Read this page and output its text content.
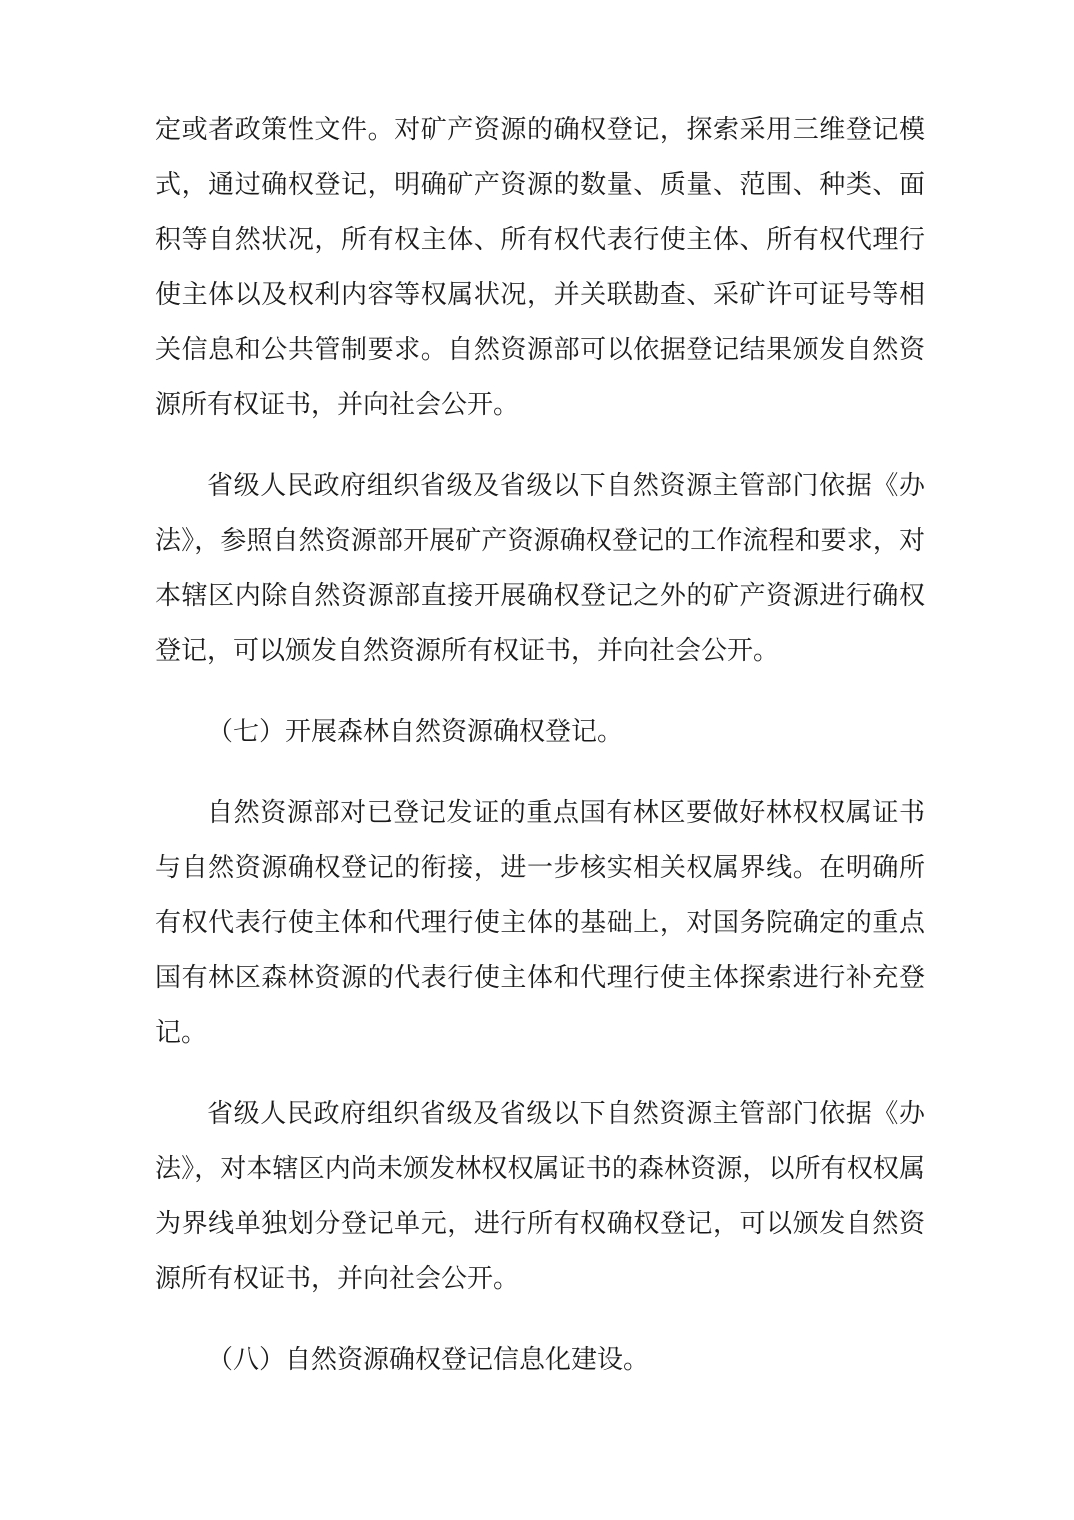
定或者政策性文件。对矿产资源的确权登记，探索采用三维登记模式，通过确权登记，明确矿产资源的数量、质量、范围、种类、面积等自然状况，所有权主体、所有权代表行使主体、所有权代理行使主体以及权利内容等权属状况，并关联勘查、采矿许可证号等相关信息和公共管制要求。自然资源部可以依据登记结果颁发自然资源所有权证书，并向社会公开。

省级人民政府组织省级及省级以下自然资源主管部门依据《办法》，参照自然资源部开展矿产资源确权登记的工作流程和要求，对本辖区内除自然资源部直接开展确权登记之外的矿产资源进行确权登记，可以颁发自然资源所有权证书，并向社会公开。

（七）开展森林自然资源确权登记。

自然资源部对已登记发证的重点国有林区要做好林权权属证书与自然资源确权登记的衔接，进一步核实相关权属界线。在明确所有权代表行使主体和代理行使主体的基础上，对国务院确定的重点国有林区森林资源的代表行使主体和代理行使主体探索进行补充登记。

省级人民政府组织省级及省级以下自然资源主管部门依据《办法》，对本辖区内尚未颁发林权权属证书的森林资源，以所有权权属为界线单独划分登记单元，进行所有权确权登记，可以颁发自然资源所有权证书，并向社会公开。

（八）自然资源确权登记信息化建设。
